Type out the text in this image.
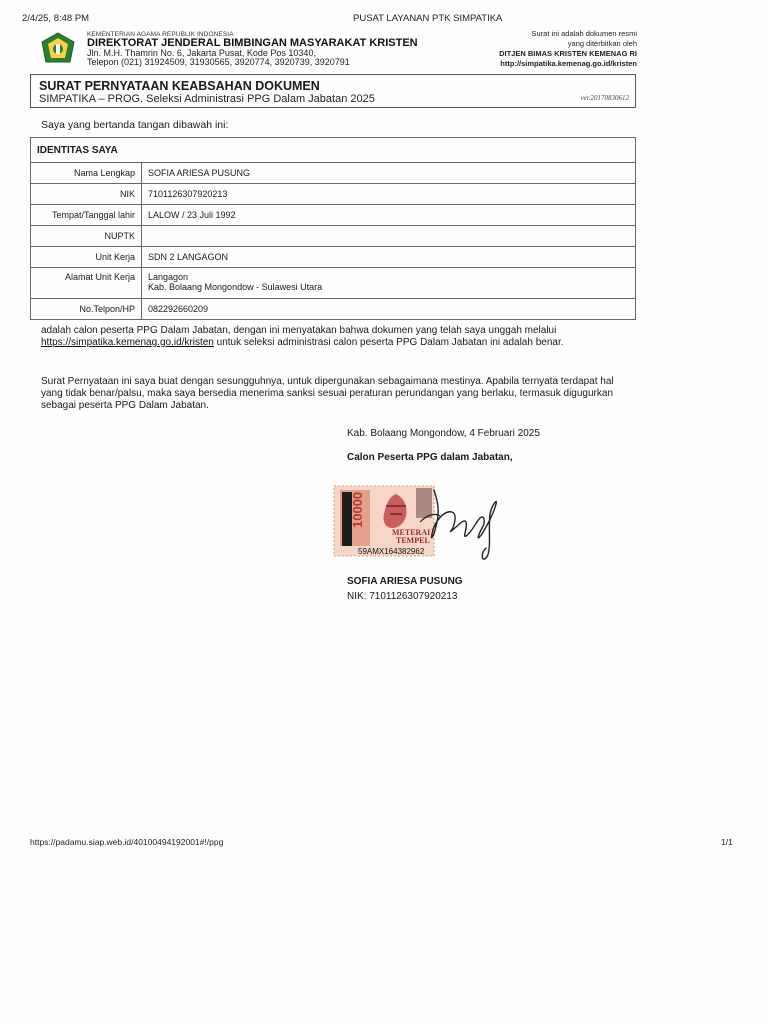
2/4/25, 8:48 PM	PUSAT LAYANAN PTK SIMPATIKA
KEMENTERIAN AGAMA REPUBLIK INDONESIA
DIREKTORAT JENDERAL BIMBINGAN MASYARAKAT KRISTEN
Jln. M.H. Thamrin No. 6, Jakarta Pusat, Kode Pos 10340,
Telepon (021) 31924509, 31930565, 3920774, 3920739, 3920791
Surat ini adalah dokumen resmi
yang diterbitkan oleh
DITJEN BIMAS KRISTEN KEMENAG RI
http://simpatika.kemenag.go.id/kristen
SURAT PERNYATAAN KEABSAHAN DOKUMEN
SIMPATIKA – PROG. Seleksi Administrasi PPG Dalam Jabatan 2025	ver.20170830612
Saya yang bertanda tangan dibawah ini:
IDENTITAS SAYA	
Nama Lengkap	SOFIA ARIESA PUSUNG
NIK	7101126307920213
Tempat/Tanggal lahir	LALOW / 23 Juli 1992
NUPTK	
Unit Kerja	SDN 2 LANGAGON
Alamat Unit Kerja	Langagon
Kab. Bolaang Mongondow - Sulawesi Utara

No.Telpon/HP	082292660209
adalah calon peserta PPG Dalam Jabatan, dengan ini menyatakan bahwa dokumen yang telah saya unggah melalui https://simpatika.kemenag.go.id/kristen untuk seleksi administrasi calon peserta PPG Dalam Jabatan ini adalah benar.
Surat Pernyataan ini saya buat dengan sesungguhnya, untuk dipergunakan sebagaimana mestinya. Apabila ternyata terdapat hal yang tidak benar/palsu, maka saya bersedia menerima sanksi sesuai peraturan perundangan yang berlaku, termasuk digugurkan sebagai peserta PPG Dalam Jabatan.
Kab. Bolaang Mongondow, 4 Februari 2025
Calon Peserta PPG dalam Jabatan,
10000
METERAI
TEMPEL
59AMX164382962
SOFIA ARIESA PUSUNG
NIK: 7101126307920213
https://padamu.siap.web.id/40100494192001#!/ppg	1/1
